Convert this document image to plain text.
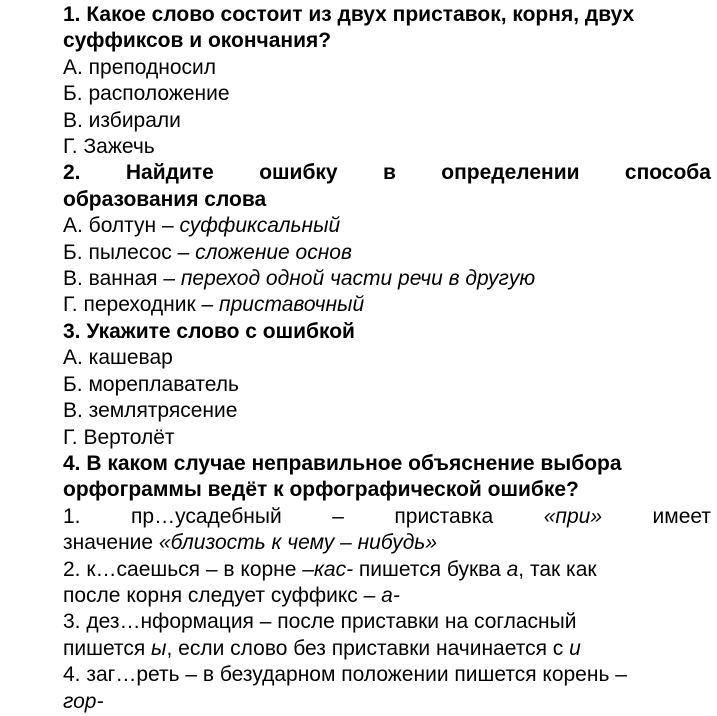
1. Какое слово состоит из двух приставок, корня, двух
суффиксов и окончания?
А. преподносил
Б. расположение
В. избирали
Г. Зажечь
2. Найдите ошибку в определении способа
образования слова
А. болтун – суффиксальный
Б. пылесос – сложение основ
В. ванная – переход одной части речи в другую
Г. переходник – приставочный
3. Укажите слово с ошибкой
А. кашевар
Б. мореплаватель
В. землятрясение
Г. Вертолёт
4. В каком случае неправильное объяснение выбора
орфограммы ведёт к орфографической ошибке?
1. пр…усадебный – приставка «при» имеет
значение «близость к чему – нибудь»
2. к…саешься – в корне –кас- пишется буква а, так как
после корня следует суффикс – а-
3. дез…нформация – после приставки на согласный
пишется ы, если слово без приставки начинается с и
4. заг…реть – в безударном положении пишется корень –
гор-
